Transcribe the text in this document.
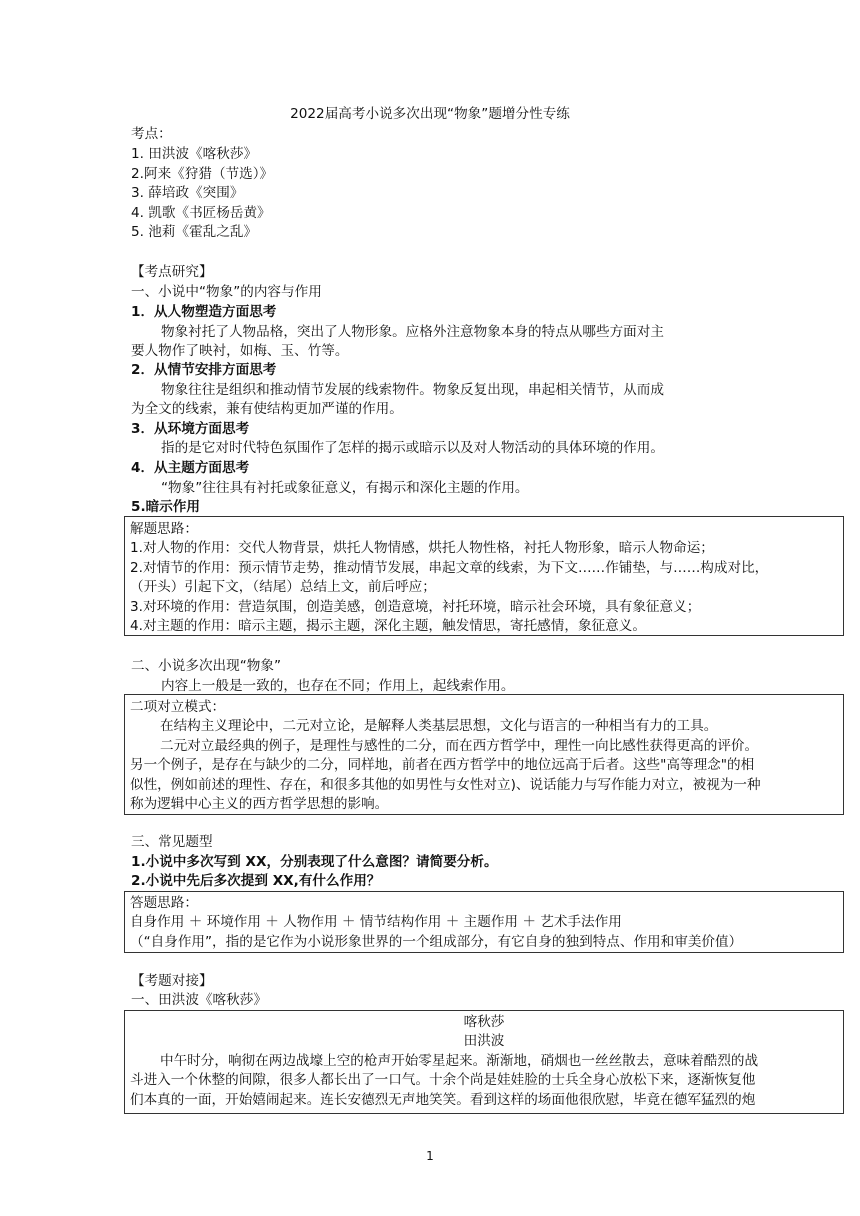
2022届高考小说多次出现“物象”题增分性专练
考点：
1. 田洪波《喀秋莎》
2.阿来《狩猎（节选）》
3. 薛培政《突围》
4. 凯歌《书匠杨岳黄》
5. 池莉《霍乱之乱》
【考点研究】
一、小说中“物象”的内容与作用
1．从人物塑造方面思考
物象衬托了人物品格，突出了人物形象。应格外注意物象本身的特点从哪些方面对主
要人物作了映衬，如梅、玉、竹等。
2．从情节安排方面思考
物象往往是组织和推动情节发展的线索物件。物象反复出现，串起相关情节，从而成
为全文的线索，兼有使结构更加严谨的作用。
3．从环境方面思考
指的是它对时代特色氛围作了怎样的揭示或暗示以及对人物活动的具体环境的作用。
4．从主题方面思考
“物象”往往具有衬托或象征意义，有揭示和深化主题的作用。
5.暗示作用
解题思路：
1.对人物的作用：交代人物背景，烘托人物情感，烘托人物性格，衬托人物形象，暗示人物命运；
2.对情节的作用：预示情节走势，推动情节发展，串起文章的线索，为下文……作铺垫，与……构成对比，
（开头）引起下文，（结尾）总结上文，前后呼应；
3.对环境的作用：营造氛围，创造美感，创造意境，衬托环境，暗示社会环境，具有象征意义；
4.对主题的作用：暗示主题，揭示主题，深化主题，触发情思，寄托感情，象征意义。
二、小说多次出现“物象”
内容上一般是一致的，也存在不同；作用上，起线索作用。
二项对立模式：
在结构主义理论中，二元对立论，是解释人类基层思想，文化与语言的一种相当有力的工具。
二元对立最经典的例子，是理性与感性的二分，而在西方哲学中，理性一向比感性获得更高的评价。
另一个例子，是存在与缺少的二分，同样地，前者在西方哲学中的地位远高于后者。这些"高等理念"的相
似性，例如前述的理性、存在，和很多其他的如男性与女性对立)、说话能力与写作能力对立，被视为一种
称为逻辑中心主义的西方哲学思想的影响。
三、常见题型
1.小说中多次写到 XX，分别表现了什么意图？请简要分析。
2.小说中先后多次提到 XX,有什么作用？
答题思路：
自身作用 ＋ 环境作用 ＋ 人物作用 ＋ 情节结构作用 ＋ 主题作用 ＋ 艺术手法作用
（“自身作用”，指的是它作为小说形象世界的一个组成部分，有它自身的独到特点、作用和审美价值）
【考题对接】
一、田洪波《喀秋莎》
喀秋莎
田洪波
中午时分，响彻在两边战壕上空的枪声开始零星起来。渐渐地，硝烟也一丝丝散去，意味着酷烈的战
斗进入一个休整的间隙，很多人都长出了一口气。十余个尚是娃娃脸的士兵全身心放松下来，逐渐恢复他
们本真的一面，开始嬉闹起来。连长安德烈无声地笑笑。看到这样的场面他很欣慰，毕竟在德军猛烈的炮
1
